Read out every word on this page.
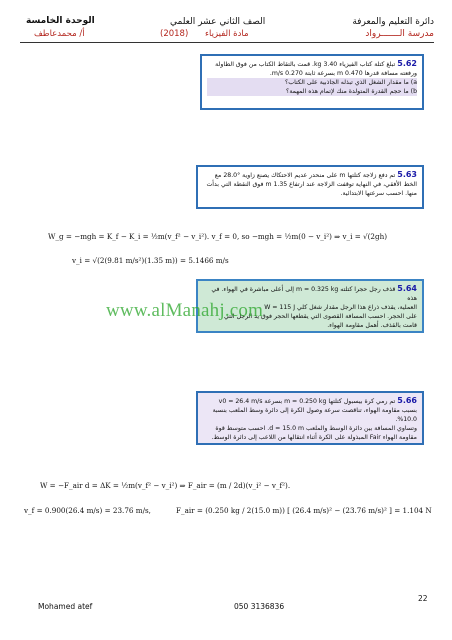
دائرة التعليم والمعرفة
مدرسة الـــــــرواد
الصف الثاني عشر العلمي
مادة الفيزياء
(2018)
الوحدة الخامسة
أ/ محمدعاطف
5.62 تبلغ كتلة كتاب الفيزياء 3.40 kg. قمت بالتقاط الكتاب من فوق الطاولة
ورفعته مسافة قدرها 0.470 m بسرعة ثابتة 0.270 m/s.
a) ما مقدار الشغل الذي تبذله الجاذبية على الكتاب؟
b) ما حجم القدرة المتولدة منك لإتمام هذه المهمة؟
5.63 تم دفع زلاجة كتلتها m على منحدر عديم الاحتكاك يصنع زاوية °28.0 مع
الخط الأفقي، في النهاية توقفت الزلاجة عند ارتفاع 1.35 m فوق النقطة التي بدأت
منها. احسب سرعتها الابتدائية.
W_g = −mgh = K_f − K_i = ½m(v_f² − v_i²). v_f = 0, so −mgh = ½m(0 − v_i²) ⇒ v_i = √(2gh)
v_i = √(2(9.81 m/s²)(1.35 m)) = 5.1466 m/s
5.64 قذف رجل حجرا كتلته m = 0.325 kg إلى أعلى مباشرة في الهواء. في هذه
العملية، يقذف ذراع هذا الرجل مقدار شغل كلي W = 115 J
على الحجر. احسب المسافة القصوى التي يقطعها الحجر فوق يد الرجل التي
قامت بالقذف. أهمل مقاومة الهواء.
www.alManahj.com
5.66 تم رمي كرة بيسبول كتلتها m = 0.250 kg بسرعة v0 = 26.4 m/s
بسبب مقاومة الهواء، تناقصت سرعة وصول الكرة إلى دائرة وسط الملعب بنسبة 10.0%.
وتساوي المسافة بين دائرة الوسط والملعب d = 15.0 m. احسب متوسط قوة
مقاومة الهواء Fair المبذولة على الكرة أثناء انتقالها من اللاعب إلى دائرة الوسط.
W = −F_air d = ΔK = ½m(v_f² − v_i²) ⇒ F_air = (m / 2d)(v_i² − v_f²).
v_f = 0.900(26.4 m/s) = 23.76 m/s,	F_air = (0.250 kg / 2(15.0 m)) [ (26.4 m/s)² − (23.76 m/s)² ] = 1.104 N
22
Mohamed atef	050 3136836
